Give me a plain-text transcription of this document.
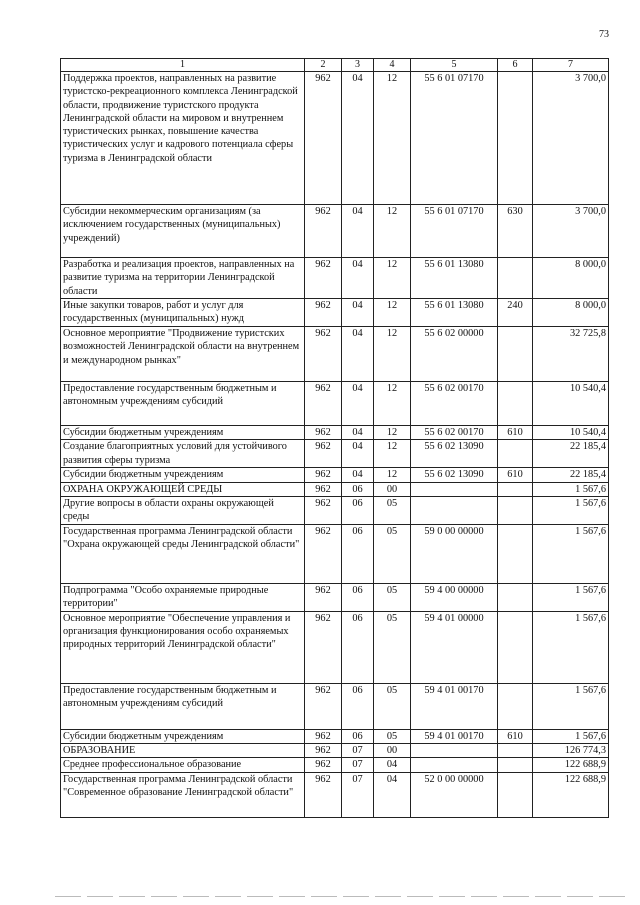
73
1	2	3	4	5	6	7
Поддержка проектов, направленных на развитие туристско-рекреационного комплекса Ленинградской области, продвижение туристского продукта Ленинградской области на мировом и внутреннем туристических рынках, повышение качества туристических услуг и кадрового потенциала сферы туризма в Ленинградской области	962	04	12	55 6 01 07170		3 700,0
Субсидии некоммерческим организациям (за исключением государственных (муниципальных) учреждений)	962	04	12	55 6 01 07170	630	3 700,0
Разработка и реализация проектов, направленных на развитие туризма на территории Ленинградской области	962	04	12	55 6 01 13080		8 000,0
Иные закупки товаров, работ и услуг для государственных (муниципальных) нужд	962	04	12	55 6 01 13080	240	8 000,0
Основное мероприятие "Продвижение туристских возможностей Ленинградской области на внутреннем и международном рынках"	962	04	12	55 6 02 00000		32 725,8
Предоставление государственным бюджетным и автономным учреждениям субсидий	962	04	12	55 6 02 00170		10 540,4
Субсидии бюджетным учреждениям	962	04	12	55 6 02 00170	610	10 540,4
Создание благоприятных условий для устойчивого развития сферы туризма	962	04	12	55 6 02 13090		22 185,4
Субсидии бюджетным учреждениям	962	04	12	55 6 02 13090	610	22 185,4
ОХРАНА ОКРУЖАЮЩЕЙ СРЕДЫ	962	06	00			1 567,6
Другие вопросы в области охраны окружающей среды	962	06	05			1 567,6
Государственная программа Ленинградской области "Охрана окружающей среды Ленинградской области"	962	06	05	59 0 00 00000		1 567,6
Подпрограмма "Особо охраняемые природные территории"	962	06	05	59 4 00 00000		1 567,6
Основное мероприятие "Обеспечение управления и организация функционирования особо охраняемых природных территорий Ленинградской области"	962	06	05	59 4 01 00000		1 567,6
Предоставление государственным бюджетным и автономным учреждениям субсидий	962	06	05	59 4 01 00170		1 567,6
Субсидии бюджетным учреждениям	962	06	05	59 4 01 00170	610	1 567,6
ОБРАЗОВАНИЕ	962	07	00			126 774,3
Среднее профессиональное образование	962	07	04			122 688,9
Государственная программа Ленинградской области "Современное образование Ленинградской области"	962	07	04	52 0 00 00000		122 688,9
